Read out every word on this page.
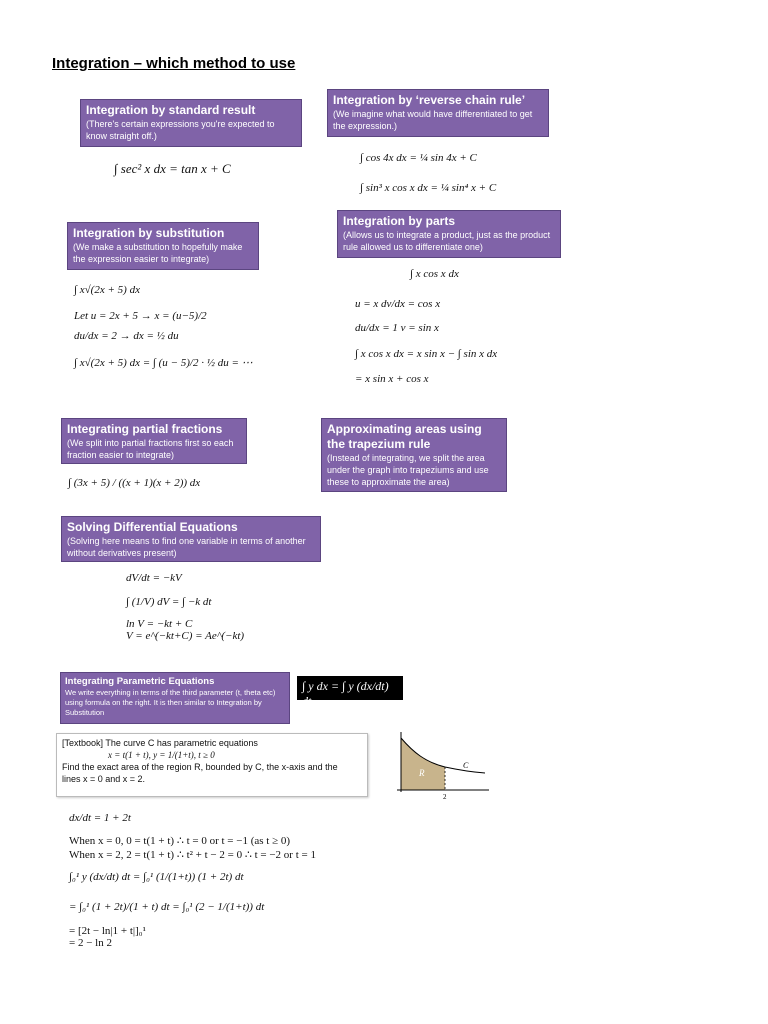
Integration – which method to use
Integration by standard result
(There's certain expressions you're expected to know straight off.)
∫ sec² x dx = tan x + C
Integration by ‘reverse chain rule’
(We imagine what would have differentiated to get the expression.)
∫ cos 4x dx = ¼ sin 4x + C
∫ sin³ x cos x dx = ¼ sin⁴ x + C
Integration by substitution
(We make a substitution to hopefully make the expression easier to integrate)
∫ x√(2x + 5) dx
Let u = 2x + 5 → x = (u−5)/2
du/dx = 2 → dx = ½ du
∫ x√(2x + 5) dx = ∫ (u − 5)/2 · ½ du = ⋯
Integration by parts
(Allows us to integrate a product, just as the product rule allowed us to differentiate one)
∫ x cos x dx
u = x dv/dx = cos x
du/dx = 1 v = sin x
∫ x cos x dx = x sin x − ∫ sin x dx
= x sin x + cos x
Integrating partial fractions
(We split into partial fractions first so each fraction easier to integrate)
∫ (3x + 5) / ((x + 1)(x + 2)) dx
Approximating areas using the trapezium rule
(Instead of integrating, we split the area under the graph into trapeziums and use these to approximate the area)
Solving Differential Equations
(Solving here means to find one variable in terms of another without derivatives present)
dV/dt = −kV
∫ (1/V) dV = ∫ −k dt
ln V = −kt + C
V = e^(−kt+C) = Ae^(−kt)
Integrating Parametric Equations
We write everything in terms of the third parameter (t, theta etc) using formula on the right. It is then similar to Integration by Substitution
∫ y dx = ∫ y (dx/dt) dt
[Textbook] The curve C has parametric equations
x = t(1 + t), y = 1/(1+t), t ≥ 0
Find the exact area of the region R, bounded by C, the x-axis and the
lines x = 0 and x = 2.
R
C
2
dx/dt = 1 + 2t
When x = 0, 0 = t(1 + t) ∴ t = 0 or t = −1 (as t ≥ 0)
When x = 2, 2 = t(1 + t) ∴ t² + t − 2 = 0 ∴ t = −2 or t = 1
∫₀¹ y (dx/dt) dt = ∫₀¹ (1/(1+t)) (1 + 2t) dt
= ∫₀¹ (1 + 2t)/(1 + t) dt = ∫₀¹ (2 − 1/(1+t)) dt
= [2t − ln|1 + t|]₀¹
= 2 − ln 2
